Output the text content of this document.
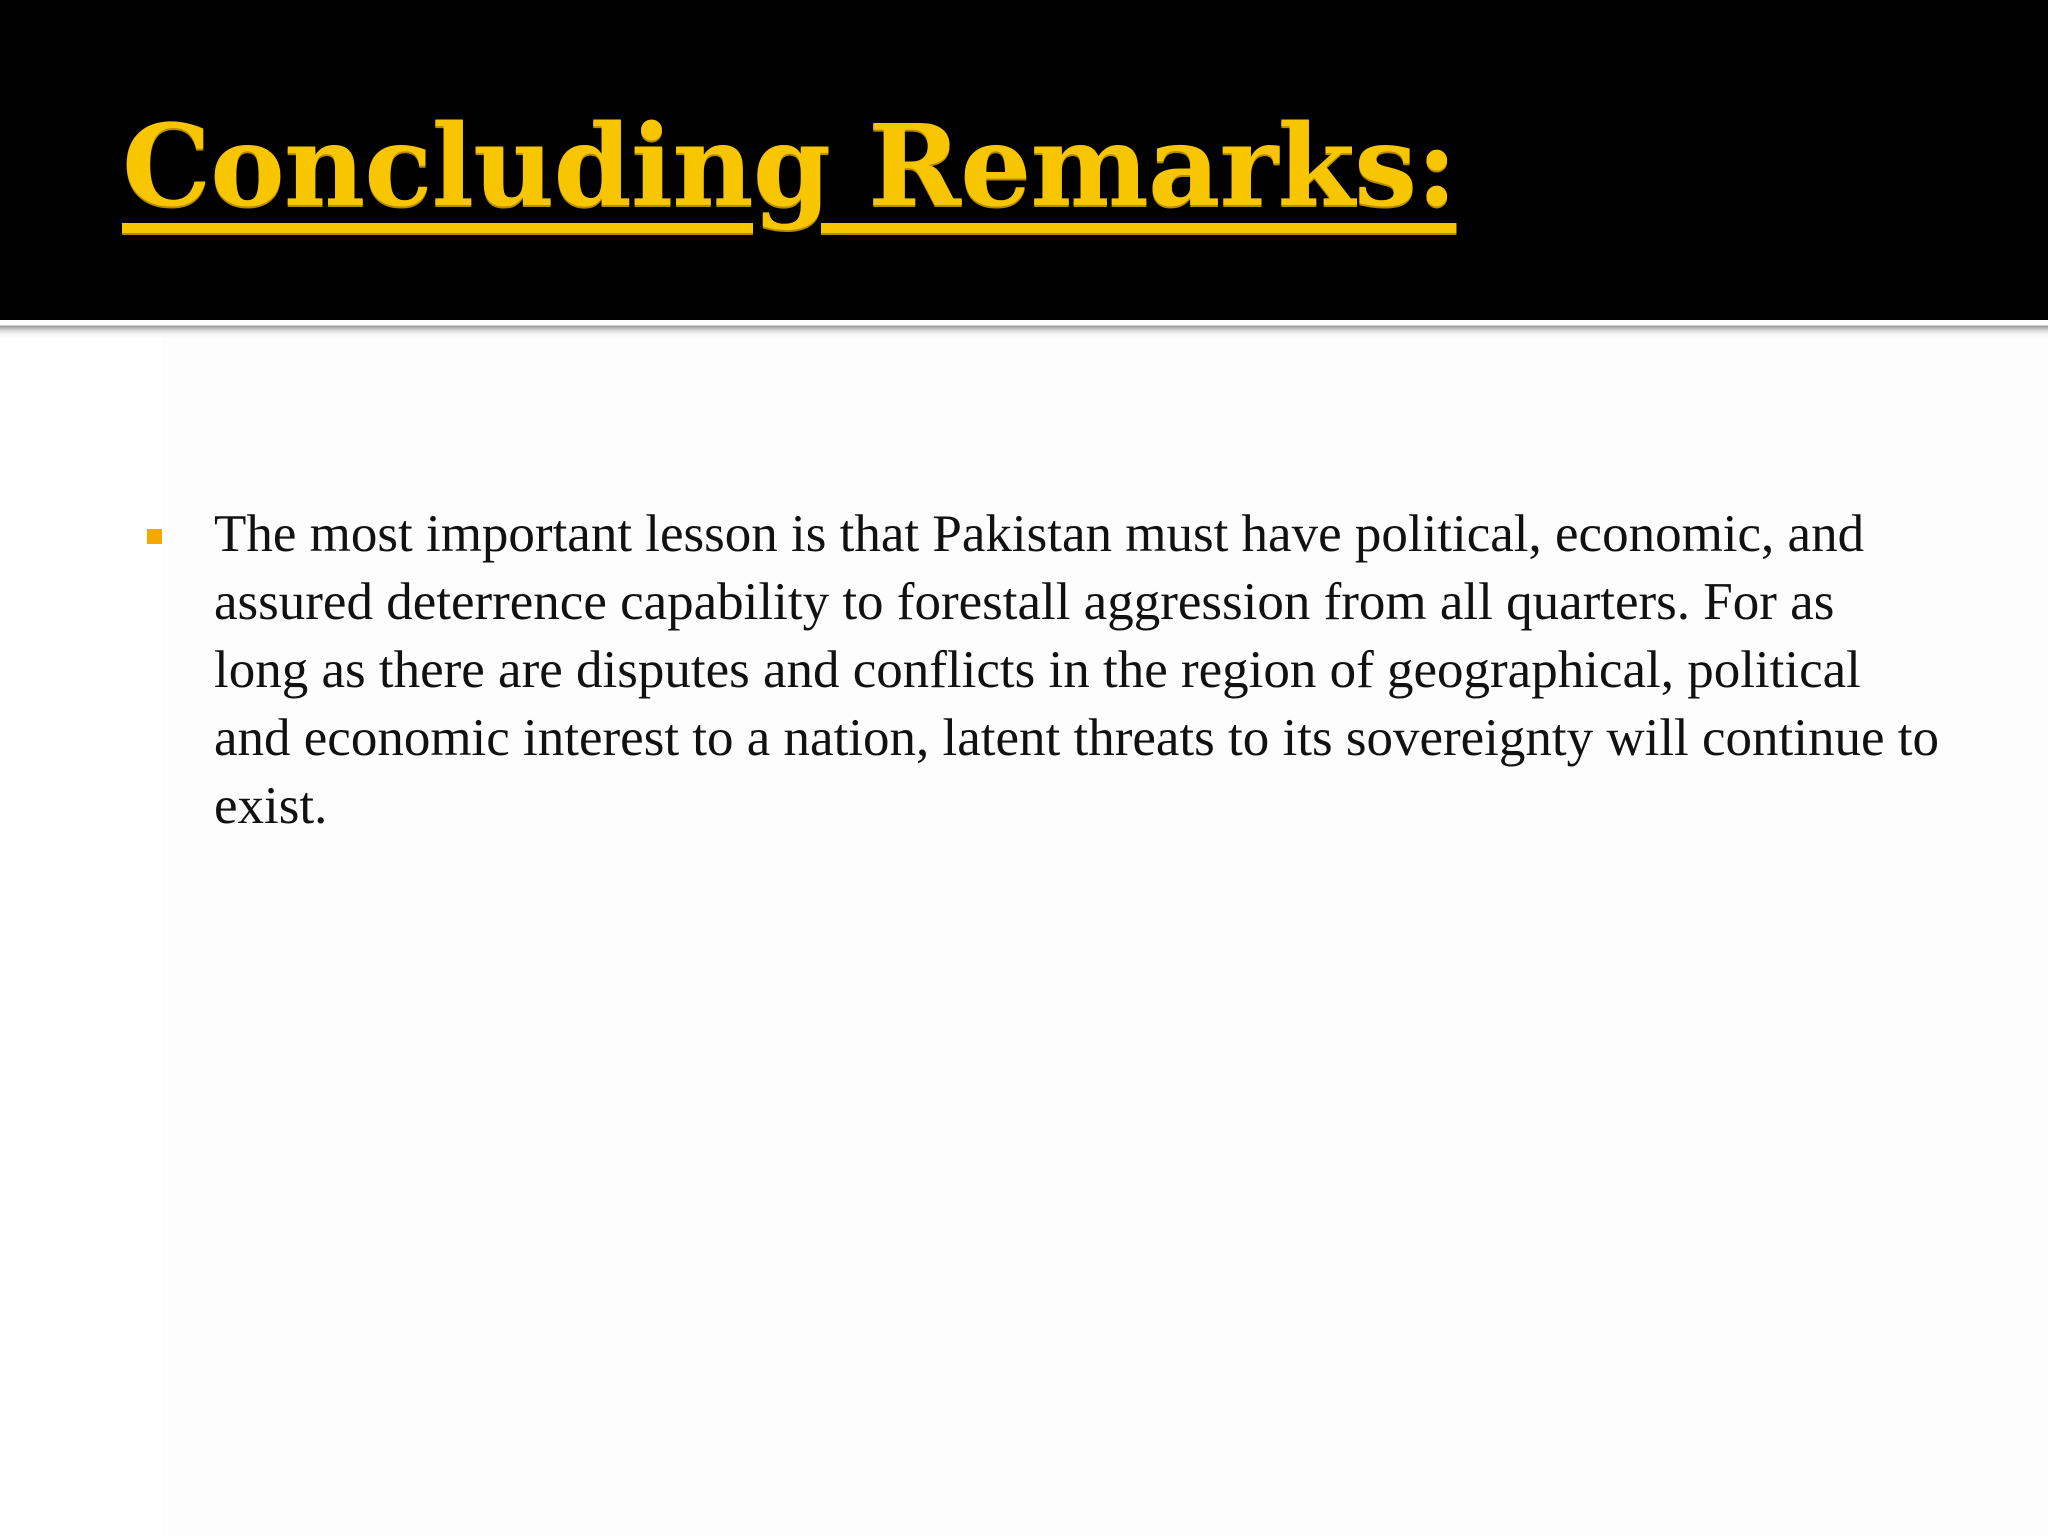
Concluding Remarks:
The most important lesson is that Pakistan must have political, economic, and assured deterrence capability to forestall aggression from all quarters. For as long as there are disputes and conflicts in the region of geographical, political and economic interest to a nation, latent threats to its sovereignty will continue to exist.
